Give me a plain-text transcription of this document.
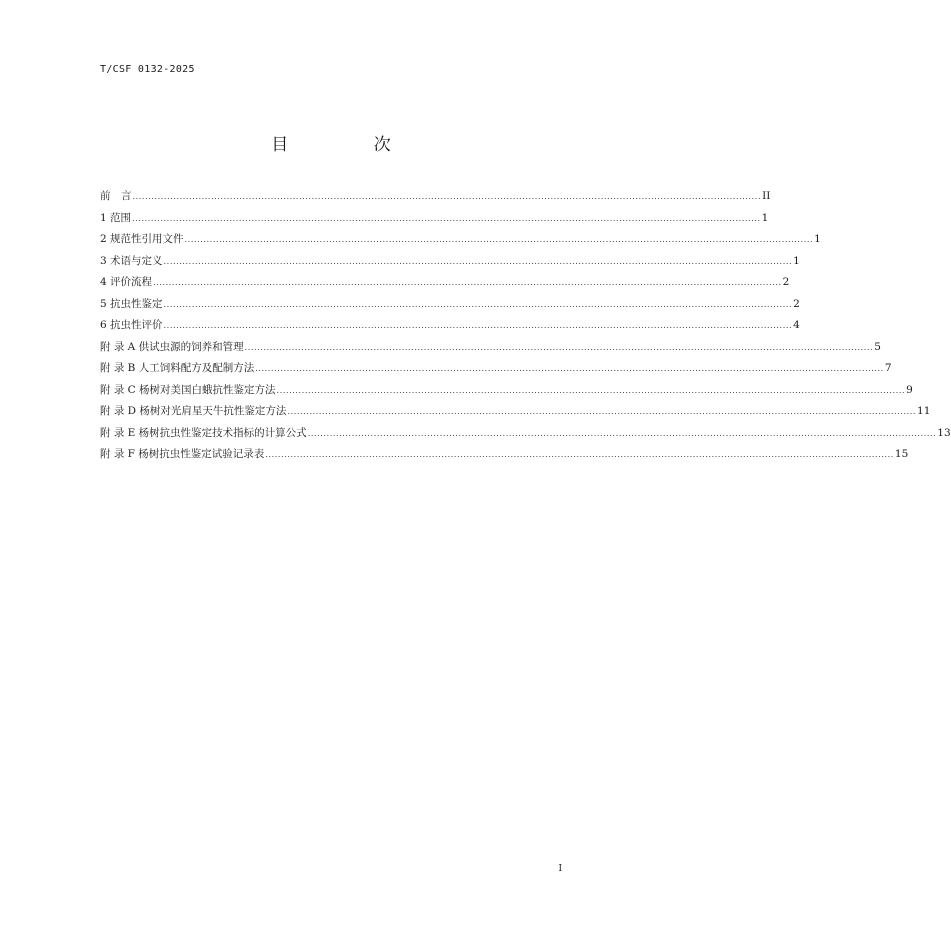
T/CSF 0132-2025
目 次
前　言 ........................................................................................................................................................................................................ II
1 范围 ........................................................................................................................................................................................................ 1
2 规范性引用文件 ........................................................................................................................................................................................................ 1
3 术语与定义 ........................................................................................................................................................................................................ 1
4 评价流程 ........................................................................................................................................................................................................ 2
5 抗虫性鉴定 ........................................................................................................................................................................................................ 2
6 抗虫性评价 ........................................................................................................................................................................................................ 4
附 录 A 供试虫源的饲养和管理 ........................................................................................................................................................................................................ 5
附 录 B 人工饲料配方及配制方法 ........................................................................................................................................................................................................ 7
附 录 C 杨树对美国白蛾抗性鉴定方法 ........................................................................................................................................................................................................ 9
附 录 D 杨树对光肩星天牛抗性鉴定方法 ........................................................................................................................................................................................................ 11
附 录 E 杨树抗虫性鉴定技术指标的计算公式 ........................................................................................................................................................................................................ 13
附 录 F 杨树抗虫性鉴定试验记录表 ........................................................................................................................................................................................................ 15
I
